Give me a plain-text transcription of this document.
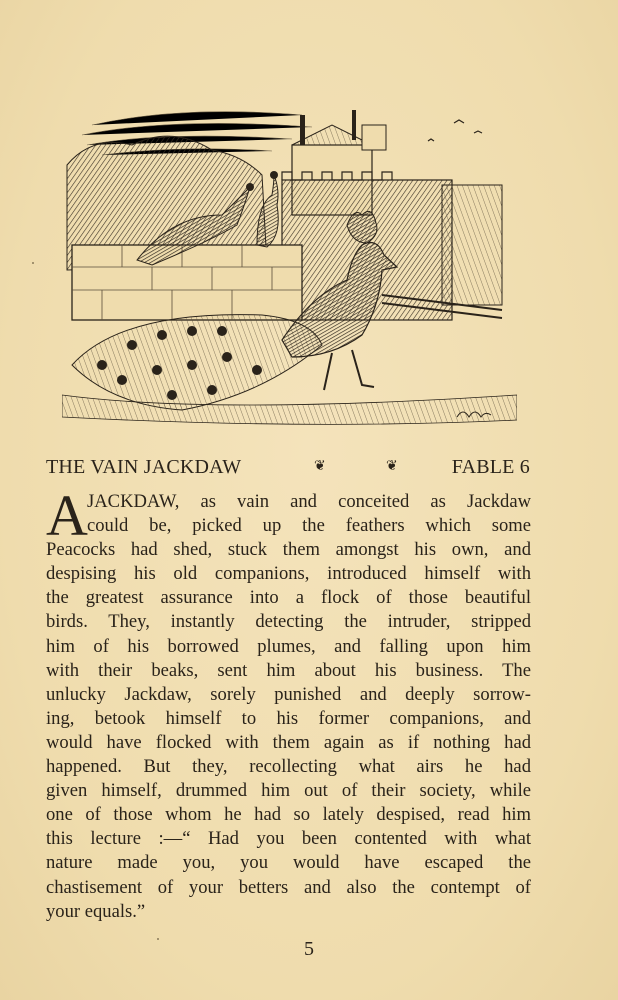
THE VAIN JACKDAW	❦	❦	FABLE 6
A JACKDAW, as vain and conceited as Jackdaw
could be, picked up the feathers which some
Peacocks had shed, stuck them amongst his own, and
despising his old companions, introduced himself with
the greatest assurance into a flock of those beautiful
birds. They, instantly detecting the intruder, stripped
him of his borrowed plumes, and falling upon him
with their beaks, sent him about his business. The
unlucky Jackdaw, sorely punished and deeply sorrow-
ing, betook himself to his former companions, and
would have flocked with them again as if nothing had
happened. But they, recollecting what airs he had
given himself, drummed him out of their society, while
one of those whom he had so lately despised, read him
this lecture :—“ Had you been contented with what
nature made you, you would have escaped the
chastisement of your betters and also the contempt of
your equals.”
5
